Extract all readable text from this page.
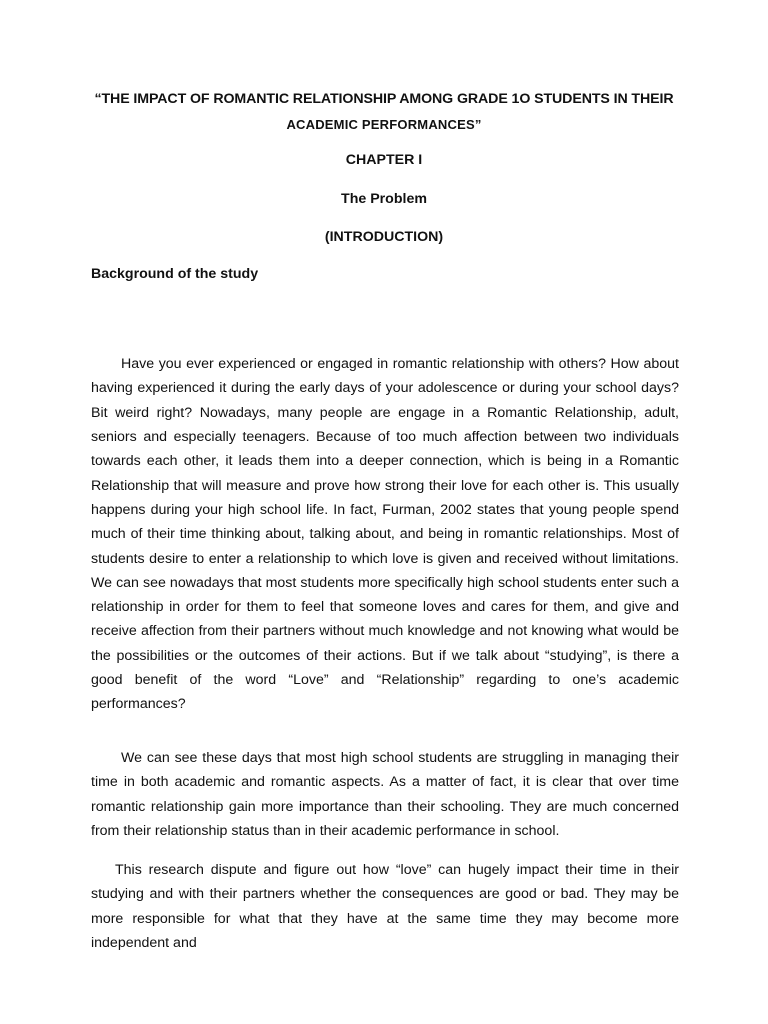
“THE IMPACT OF ROMANTIC RELATIONSHIP AMONG GRADE 1O STUDENTS IN THEIR
ACADEMIC PERFORMANCES”
CHAPTER I
The Problem
(INTRODUCTION)
Background of the study

Have you ever experienced or engaged in romantic relationship with others? How about having experienced it during the early days of your adolescence or during your school days? Bit weird right? Nowadays, many people are engage in a Romantic Relationship, adult, seniors and especially teenagers. Because of too much affection between two individuals towards each other, it leads them into a deeper connection, which is being in a Romantic Relationship that will measure and prove how strong their love for each other is. This usually happens during your high school life. In fact, Furman, 2002 states that young people spend much of their time thinking about, talking about, and being in romantic relationships. Most of students desire to enter a relationship to which love is given and received without limitations. We can see nowadays that most students more specifically high school students enter such a relationship in order for them to feel that someone loves and cares for them, and give and receive affection from their partners without much knowledge and not knowing what would be the possibilities or the outcomes of their actions. But if we talk about “studying”, is there a good benefit of the word “Love” and “Relationship” regarding to one’s academic performances?

We can see these days that most high school students are struggling in managing their time in both academic and romantic aspects. As a matter of fact, it is clear that over time romantic relationship gain more importance than their schooling. They are much concerned from their relationship status than in their academic performance in school.

This research dispute and figure out how “love” can hugely impact their time in their studying and with their partners whether the consequences are good or bad. They may be more responsible for what that they have at the same time they may become more independent and
